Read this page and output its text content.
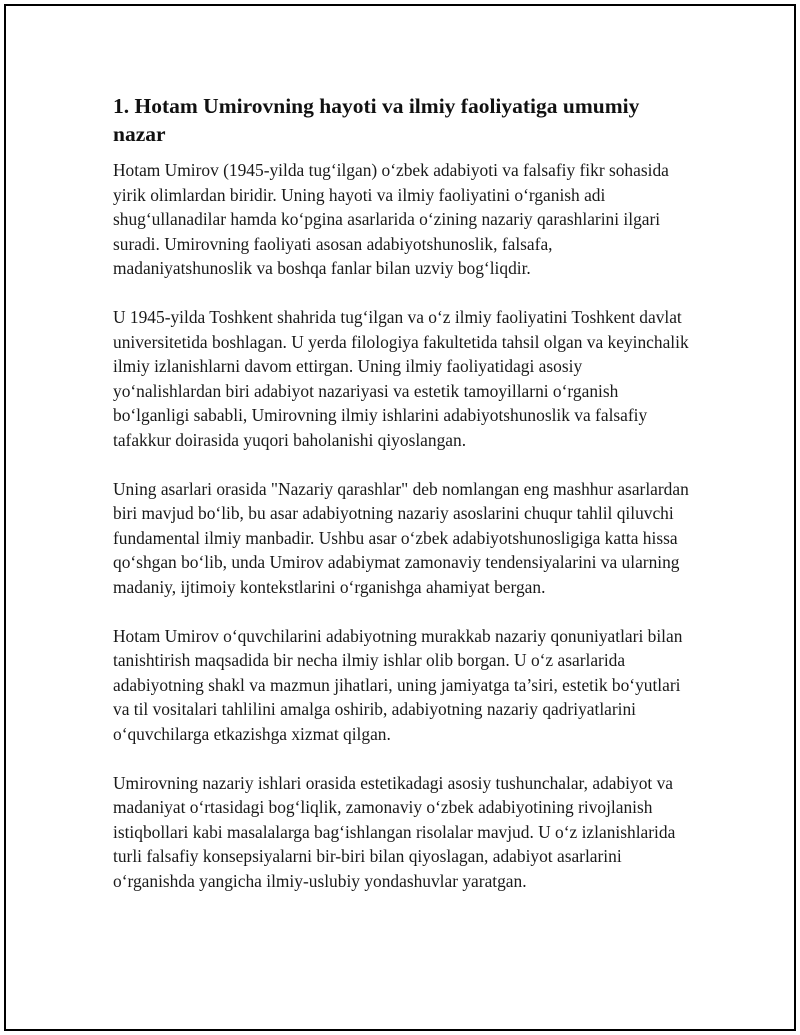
1. Hotam Umirovning hayoti va ilmiy faoliyatiga umumiy nazar

Hotam Umirov (1945-yilda tug‘ilgan) o‘zbek adabiyoti va falsafiy fikr sohasida yirik olimlardan biridir. Uning hayoti va ilmiy faoliyatini o‘rganish adi shug‘ullanadilar hamda ko‘pgina asarlarida o‘zining nazariy qarashlarini ilgari suradi. Umirovning faoliyati asosan adabiyotshunoslik, falsafa, madaniyatshunoslik va boshqa fanlar bilan uzviy bog‘liqdir.

U 1945-yilda Toshkent shahrida tug‘ilgan va o‘z ilmiy faoliyatini Toshkent davlat universitetida boshlagan. U yerda filologiya fakultetida tahsil olgan va keyinchalik ilmiy izlanishlarni davom ettirgan. Uning ilmiy faoliyatidagi asosiy yo‘nalishlardan biri adabiyot nazariyasi va estetik tamoyillarni o‘rganish bo‘lganligi sababli, Umirovning ilmiy ishlarini adabiyotshunoslik va falsafiy tafakkur doirasida yuqori baholanishi qiyoslangan.

Uning asarlari orasida "Nazariy qarashlar" deb nomlangan eng mashhur asarlardan biri mavjud bo‘lib, bu asar adabiyotning nazariy asoslarini chuqur tahlil qiluvchi fundamental ilmiy manbadir. Ushbu asar o‘zbek adabiyotshunosligiga katta hissa qo‘shgan bo‘lib, unda Umirov adabiymat zamonaviy tendensiyalarini va ularning madaniy, ijtimoiy kontekstlarini o‘rganishga ahamiyat bergan.

Hotam Umirov o‘quvchilarini adabiyotning murakkab nazariy qonuniyatlari bilan tanishtirish maqsadida bir necha ilmiy ishlar olib borgan. U o‘z asarlarida adabiyotning shakl va mazmun jihatlari, uning jamiyatga ta’siri, estetik bo‘yutlari va til vositalari tahlilini amalga oshirib, adabiyotning nazariy qadriyatlarini o‘quvchilarga etkazishga xizmat qilgan.

Umirovning nazariy ishlari orasida estetikadagi asosiy tushunchalar, adabiyot va madaniyat o‘rtasidagi bog‘liqlik, zamonaviy o‘zbek adabiyotining rivojlanish istiqbollari kabi masalalarga bag‘ishlangan risolalar mavjud. U o‘z izlanishlarida turli falsafiy konsepsiyalarni bir-biri bilan qiyoslagan, adabiyot asarlarini o‘rganishda yangicha ilmiy-uslubiy yondashuvlar yaratgan.
